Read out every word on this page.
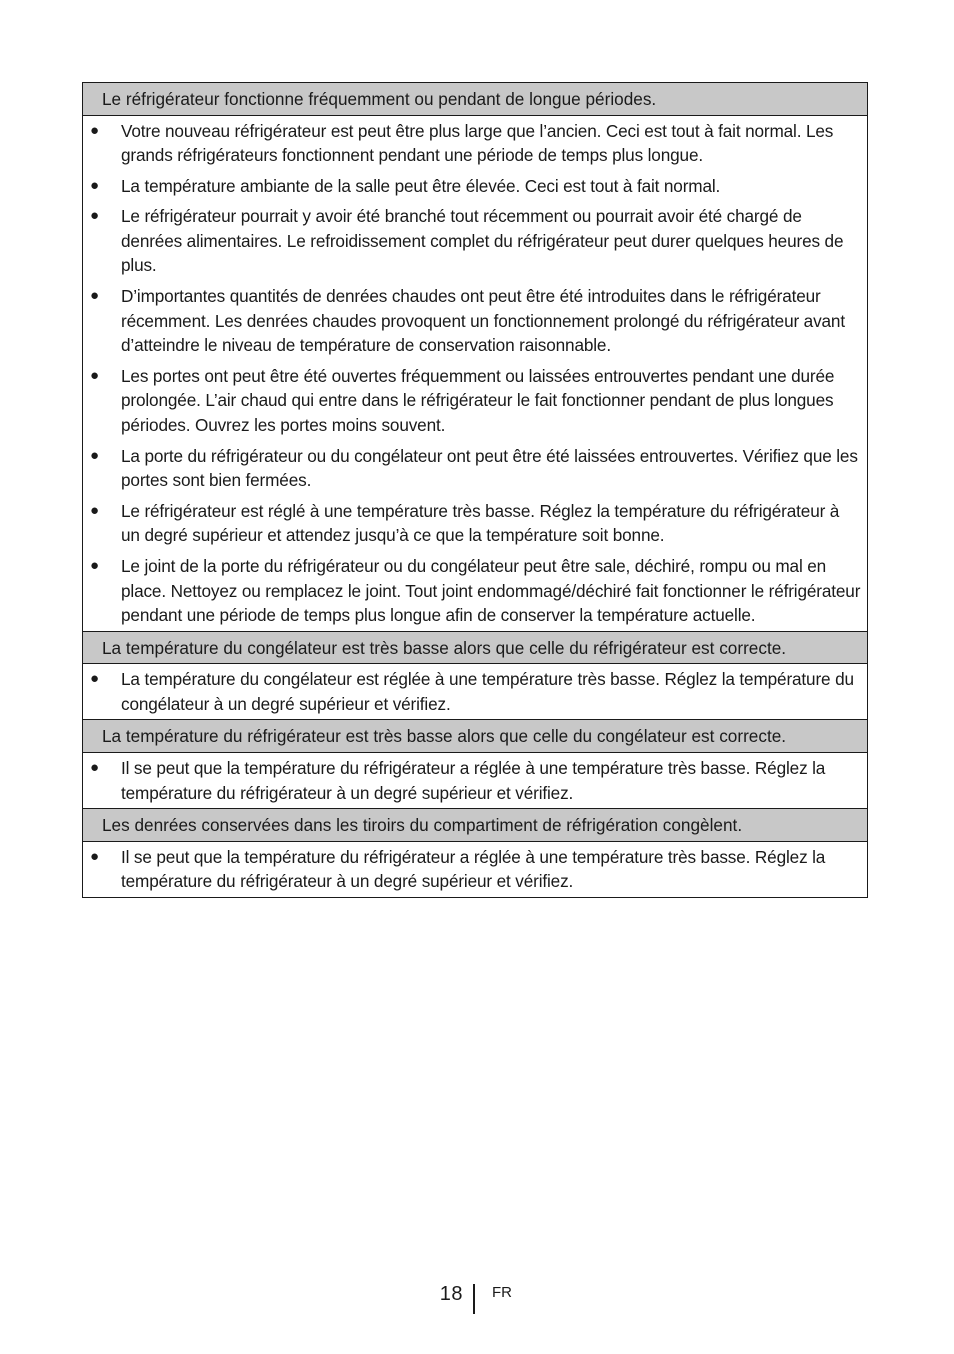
Le réfrigérateur fonctionne fréquemment ou pendant de longue périodes.

● Votre nouveau réfrigérateur est peut être plus large que l’ancien. Ceci est tout à fait normal. Les grands réfrigérateurs fonctionnent pendant une période de temps plus longue.
● La température ambiante de la salle peut être élevée. Ceci est tout à fait normal.
● Le réfrigérateur pourrait y avoir été branché tout récemment ou pourrait avoir été chargé de denrées alimentaires. Le refroidissement complet du réfrigérateur peut durer quelques heures de plus.
● D’importantes quantités de denrées chaudes ont peut être été introduites dans le réfrigérateur récemment. Les denrées chaudes provoquent un fonctionnement prolongé du réfrigérateur avant d’atteindre le niveau de température de conservation raisonnable.
● Les portes ont peut être été ouvertes fréquemment ou laissées entrouvertes pendant une durée prolongée. L’air chaud qui entre dans le réfrigérateur le fait fonctionner pendant de plus longues périodes. Ouvrez les portes moins souvent.
● La porte du réfrigérateur ou du congélateur ont peut être été laissées entrouvertes. Vérifiez que les portes sont bien fermées.
● Le réfrigérateur est réglé à une température très basse. Réglez la température du réfrigérateur à un degré supérieur et attendez jusqu’à ce que la température soit bonne.
● Le joint de la porte du réfrigérateur ou du congélateur peut être sale, déchiré, rompu ou mal en place. Nettoyez ou remplacez le joint. Tout joint endommagé/déchiré fait fonctionner le réfrigérateur pendant une période de temps plus longue afin de conserver la température actuelle.

La température du congélateur est très basse alors que celle du réfrigérateur est correcte.

● La température du congélateur est réglée à une température très basse. Réglez la température du congélateur à un degré supérieur et vérifiez.

La température du réfrigérateur est très basse alors que celle du congélateur est correcte.

● Il se peut que la température du réfrigérateur a réglée à une température très basse. Réglez la température du réfrigérateur à un degré supérieur et vérifiez.

Les denrées conservées dans les tiroirs du compartiment de réfrigération congèlent.

● Il se peut que la température du réfrigérateur a réglée à une température très basse. Réglez la température du réfrigérateur à un degré supérieur et vérifiez.
18 FR
